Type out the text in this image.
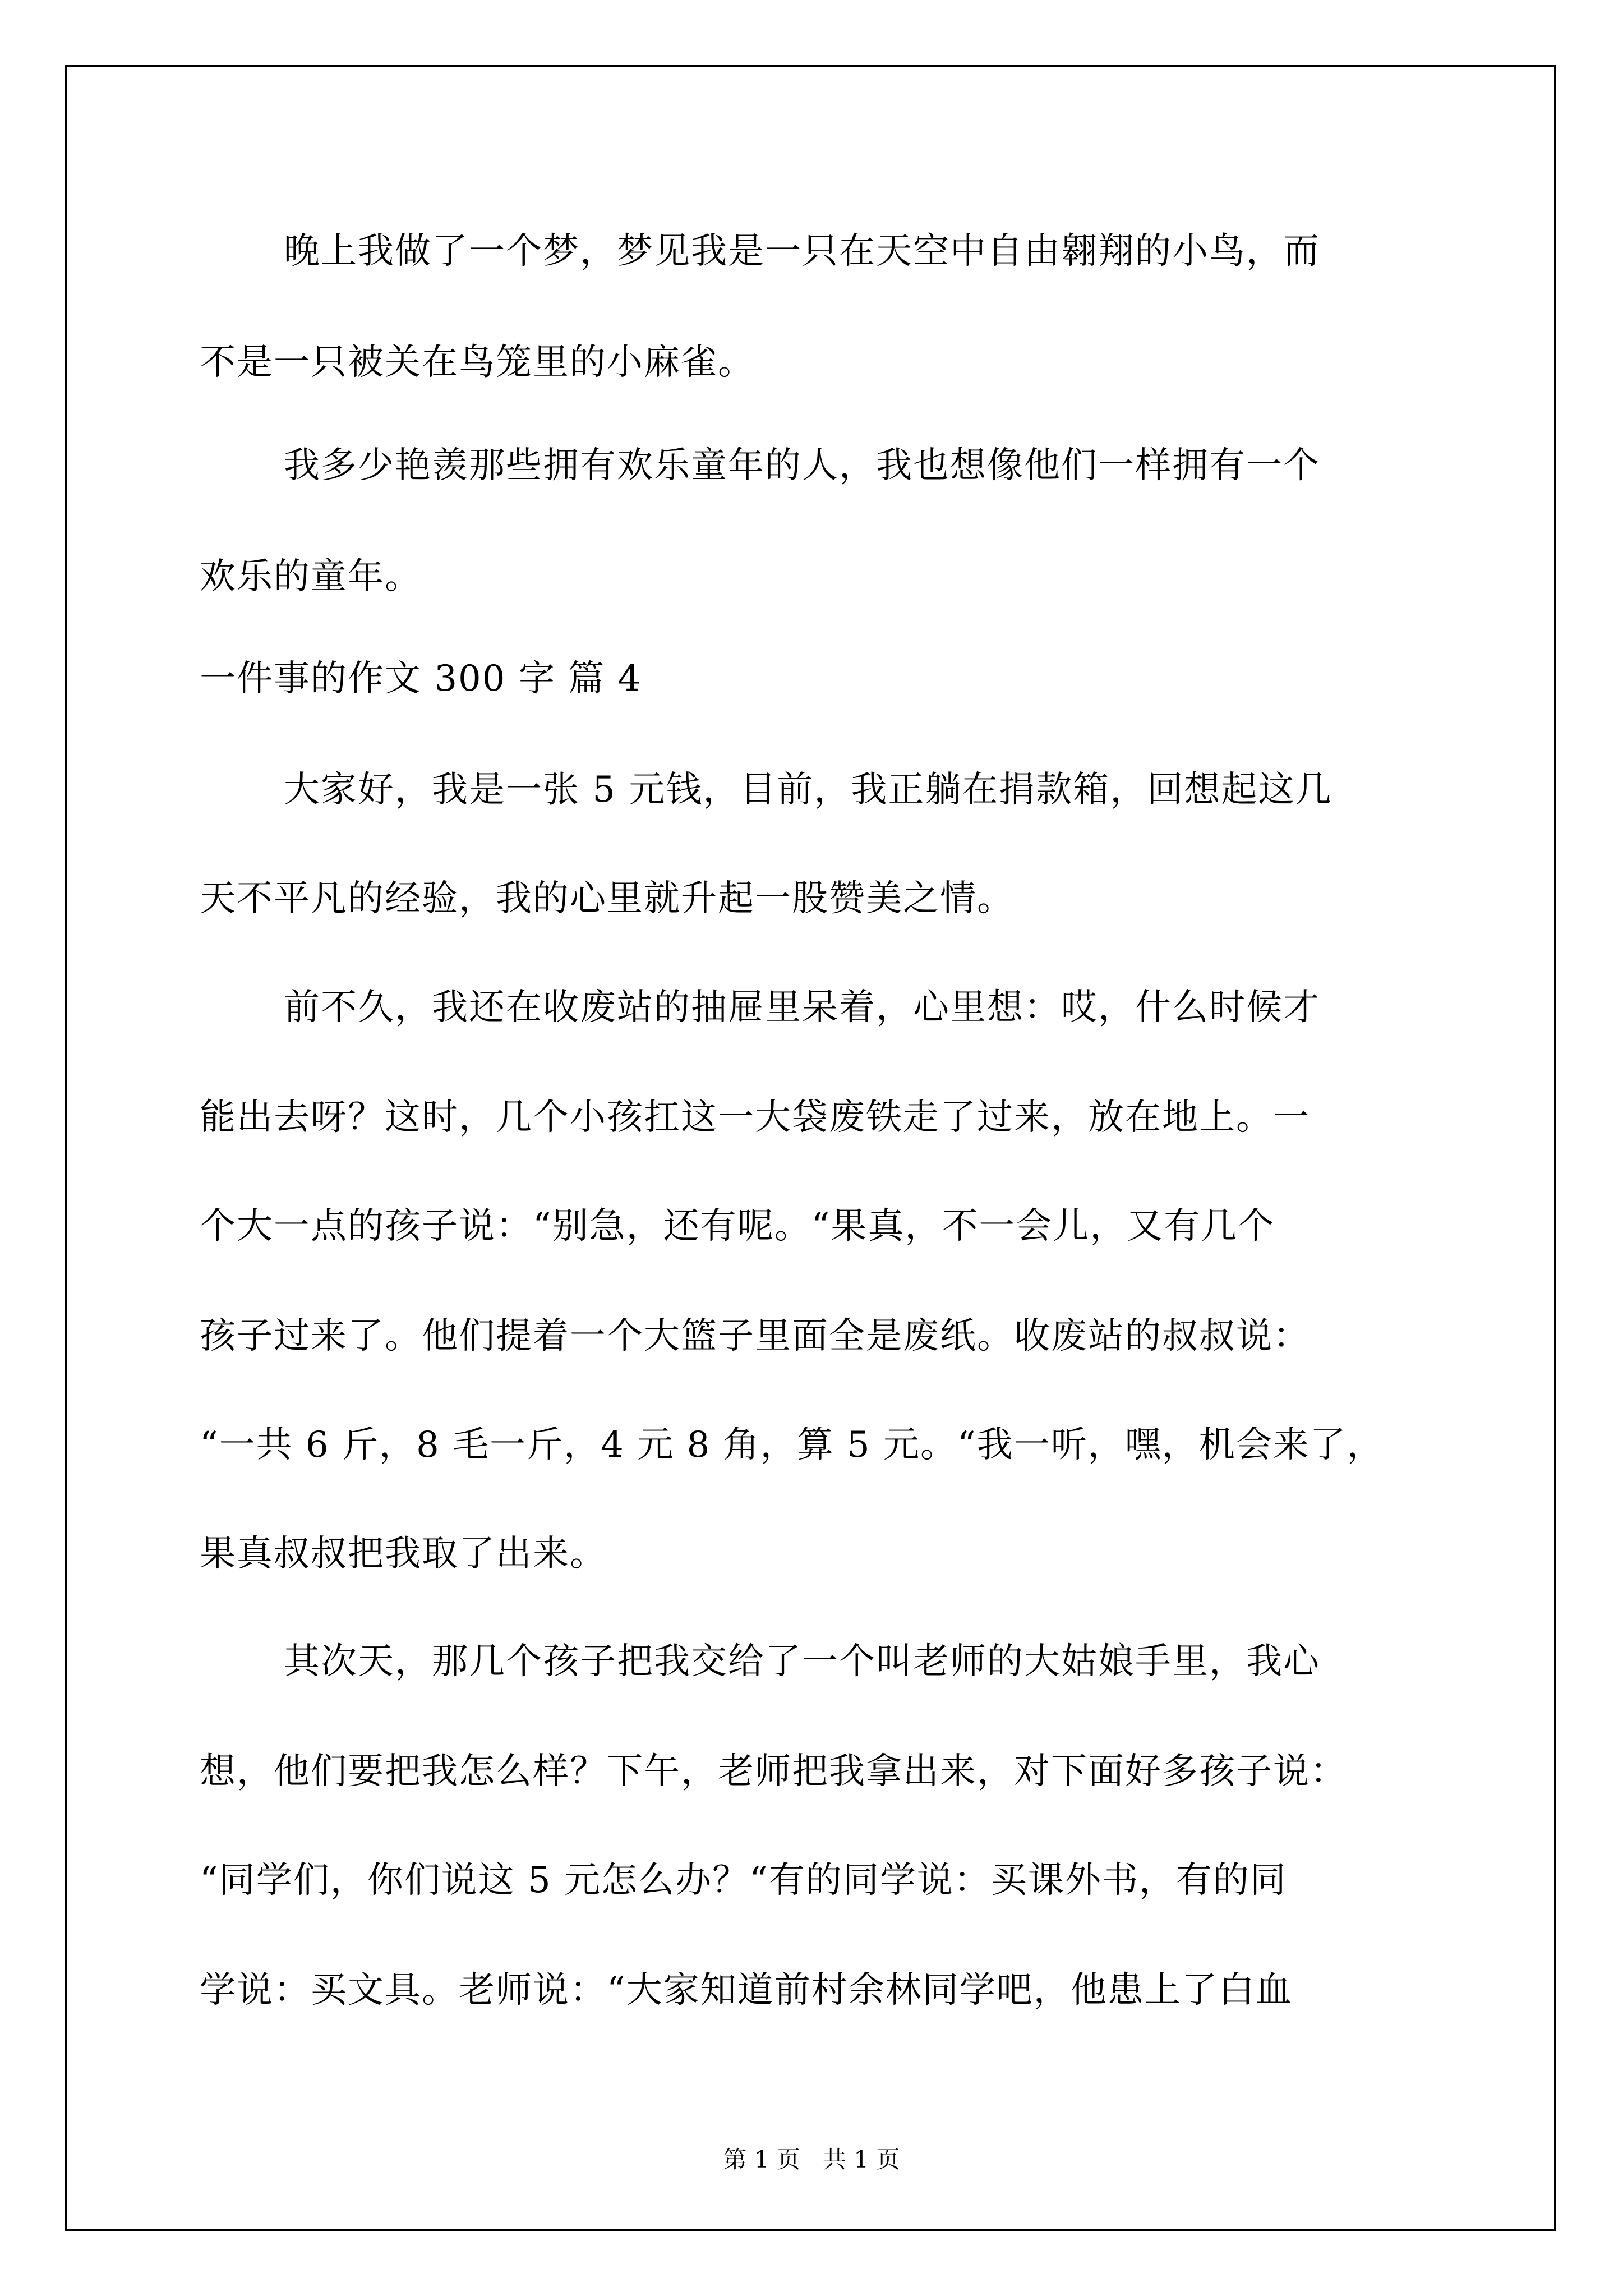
晚上我做了一个梦，梦见我是一只在天空中自由翱翔的小鸟，而
不是一只被关在鸟笼里的小麻雀。
我多少艳羡那些拥有欢乐童年的人，我也想像他们一样拥有一个
欢乐的童年。
一件事的作文 300 字 篇 4
大家好，我是一张 5 元钱，目前，我正躺在捐款箱，回想起这几
天不平凡的经验，我的心里就升起一股赞美之情。
前不久，我还在收废站的抽屉里呆着，心里想：哎，什么时候才
能出去呀？这时，几个小孩扛这一大袋废铁走了过来，放在地上。一
个大一点的孩子说：“别急，还有呢。“果真，不一会儿，又有几个
孩子过来了。他们提着一个大篮子里面全是废纸。收废站的叔叔说：
“一共 6 斤，8 毛一斤，4 元 8 角，算 5 元。“我一听，嘿，机会来了，
果真叔叔把我取了出来。
其次天，那几个孩子把我交给了一个叫老师的大姑娘手里，我心
想，他们要把我怎么样？下午，老师把我拿出来，对下面好多孩子说：
“同学们，你们说这 5 元怎么办？“有的同学说：买课外书，有的同
学说：买文具。老师说：“大家知道前村余林同学吧，他患上了白血
第 1 页   共 1 页
